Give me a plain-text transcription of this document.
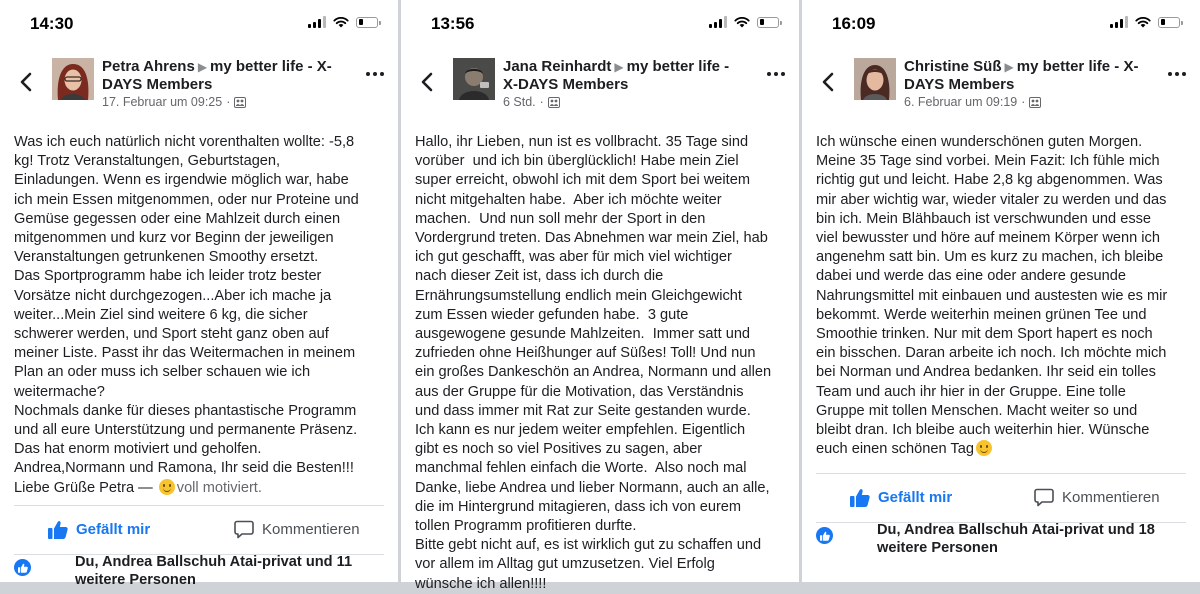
14:30
Petra Ahrens ▶ my better life - X-DAYS Members
17. Februar um 09:25 ·
Was ich euch natürlich nicht vorenthalten wollte: -5,8
kg! Trotz Veranstaltungen, Geburtstagen,
Einladungen. Wenn es irgendwie möglich war, habe
ich mein Essen mitgenommen, oder nur Proteine und
Gemüse gegessen oder eine Mahlzeit durch einen
mitgenommen und kurz vor Beginn der jeweiligen
Veranstaltungen getrunkenen Smoothy ersetzt.
Das Sportprogramm habe ich leider trotz bester
Vorsätze nicht durchgezogen...Aber ich mache ja
weiter...Mein Ziel sind weitere 6 kg, die sicher
schwerer werden, und Sport steht ganz oben auf
meiner Liste. Passt ihr das Weitermachen in meinem
Plan an oder muss ich selber schauen wie ich
weitermache?
Nochmals danke für dieses phantastische Programm
und all eure Unterstützung und permanente Präsenz.
Das hat enorm motiviert und geholfen.
Andrea,Normann und Ramona, Ihr seid die Besten!!!
Liebe Grüße Petra — voll motiviert.
Gefällt mir	Kommentieren
Du, Andrea Ballschuh Atai-privat und 11 weitere Personen
13:56
Jana Reinhardt ▶ my better life - X-DAYS Members
6 Std. ·
Hallo, ihr Lieben, nun ist es vollbracht. 35 Tage sind
vorüber  und ich bin überglücklich! Habe mein Ziel
super erreicht, obwohl ich mit dem Sport bei weitem
nicht mitgehalten habe.  Aber ich möchte weiter
machen.  Und nun soll mehr der Sport in den
Vordergrund treten. Das Abnehmen war mein Ziel, hab
ich gut geschafft, was aber für mich viel wichtiger
nach dieser Zeit ist, dass ich durch die
Ernährungsumstellung endlich mein Gleichgewicht
zum Essen wieder gefunden habe.  3 gute
ausgewogene gesunde Mahlzeiten.  Immer satt und
zufrieden ohne Heißhunger auf Süßes! Toll! Und nun
ein großes Dankeschön an Andrea, Normann und allen
aus der Gruppe für die Motivation, das Verständnis
und dass immer mit Rat zur Seite gestanden wurde.
Ich kann es nur jedem weiter empfehlen. Eigentlich
gibt es noch so viel Positives zu sagen, aber
manchmal fehlen einfach die Worte.  Also noch mal
Danke, liebe Andrea und lieber Normann, auch an alle,
die im Hintergrund mitagieren, dass ich von eurem
tollen Programm profitieren durfte.
Bitte gebt nicht auf, es ist wirklich gut zu schaffen und
vor allem im Alltag gut umzusetzen. Viel Erfolg
wünsche ich allen!!!!
16:09
Christine Süß ▶ my better life - X-DAYS Members
6. Februar um 09:19 ·
Ich wünsche einen wunderschönen guten Morgen.
Meine 35 Tage sind vorbei. Mein Fazit: Ich fühle mich
richtig gut und leicht. Habe 2,8 kg abgenommen. Was
mir aber wichtig war, wieder vitaler zu werden und das
bin ich. Mein Blähbauch ist verschwunden und esse
viel bewusster und höre auf meinem Körper wenn ich
angenehm satt bin. Um es kurz zu machen, ich bleibe
dabei und werde das eine oder andere gesunde
Nahrungsmittel mit einbauen und austesten wie es mir
bekommt. Werde weiterhin meinen grünen Tee und
Smoothie trinken. Nur mit dem Sport hapert es noch
ein bisschen. Daran arbeite ich noch. Ich möchte mich
bei Norman und Andrea bedanken. Ihr seid ein tolles
Team und auch ihr hier in der Gruppe. Eine tolle
Gruppe mit tollen Menschen. Macht weiter so und
bleibt dran. Ich bleibe auch weiterhin hier. Wünsche
euch einen schönen Tag
Gefällt mir	Kommentieren
Du, Andrea Ballschuh Atai-privat und 18 weitere Personen
